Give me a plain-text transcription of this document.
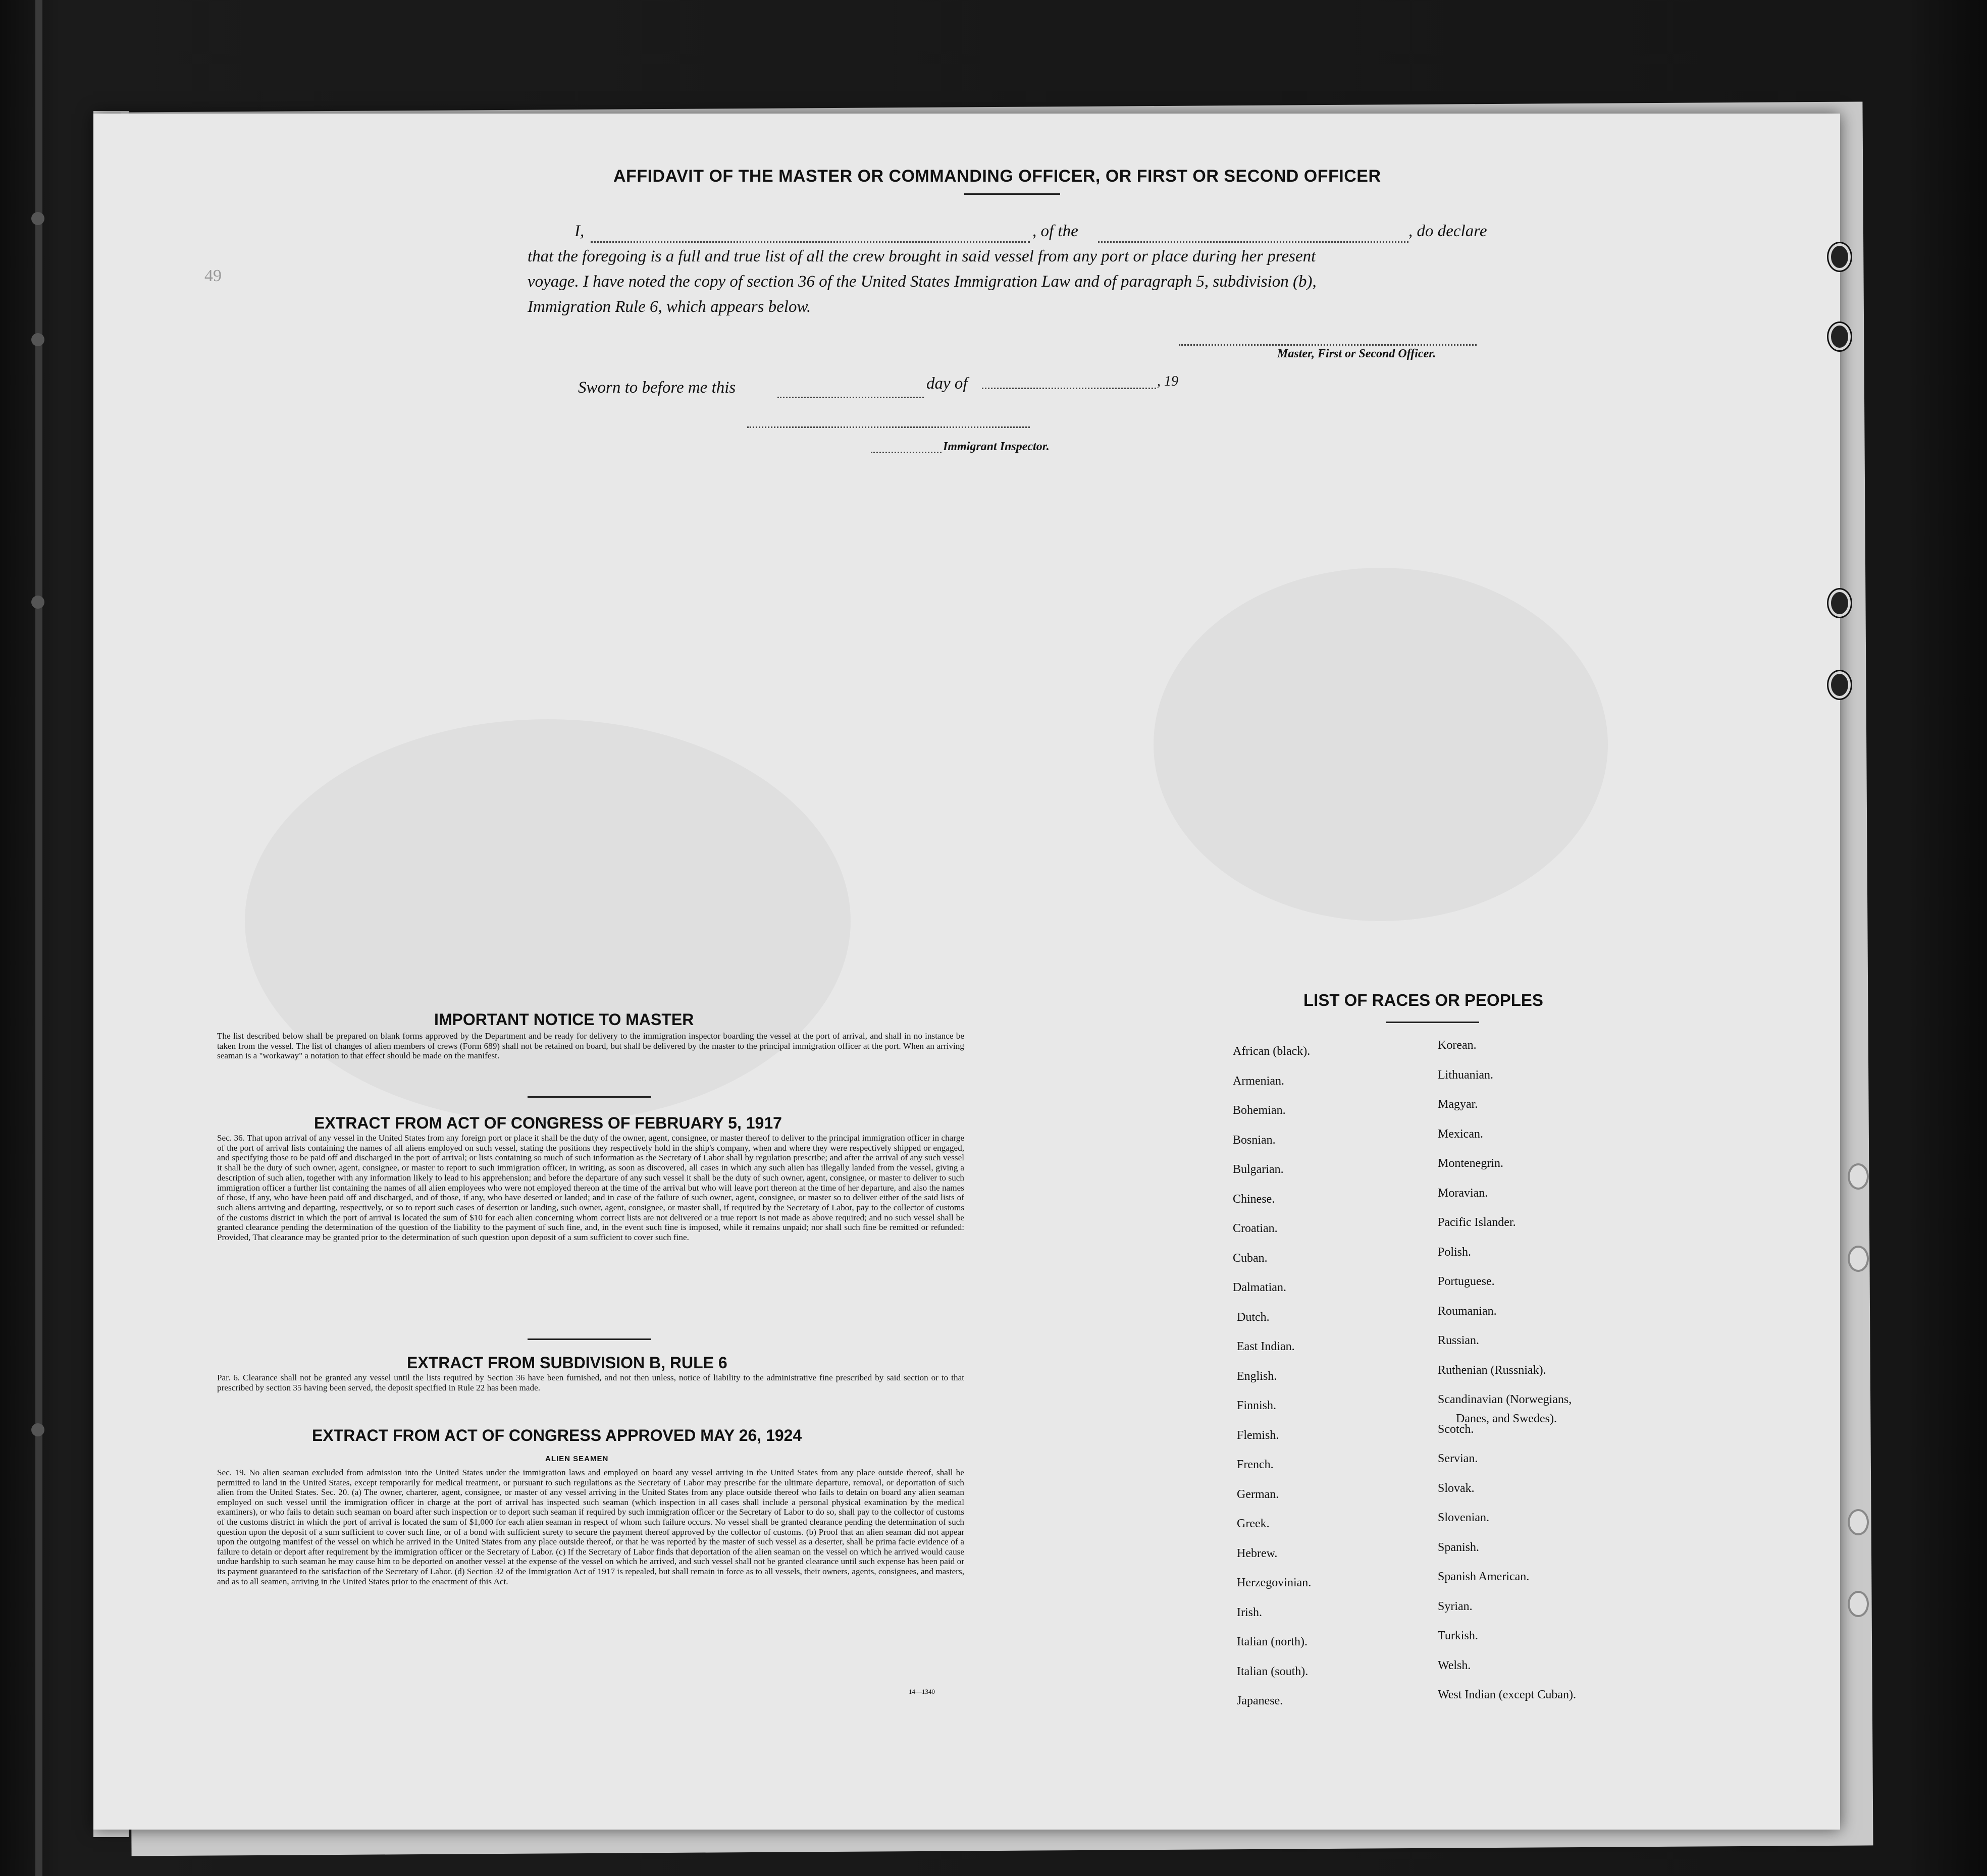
49
AFFIDAVIT OF THE MASTER OR COMMANDING OFFICER, OR FIRST OR SECOND OFFICER
I,	, of the	, do declare
that the foregoing is a full and true list of all the crew brought in said vessel from any port or place during her present
voyage. I have noted the copy of section 36 of the United States Immigration Law and of paragraph 5, subdivision (b),
Immigration Rule 6, which appears below.
Master, First or Second Officer.
Sworn to before me this	day of	, 19
Immigrant Inspector.
IMPORTANT NOTICE TO MASTER
The list described below shall be prepared on blank forms approved by the Department and be ready for delivery to the immigration inspector boarding the vessel at the port of arrival, and shall in no instance be taken from the vessel. The list of changes of alien members of crews (Form 689) shall not be retained on board, but shall be delivered by the master to the principal immigration officer at the port. When an arriving seaman is a "workaway" a notation to that effect should be made on the manifest.
EXTRACT FROM ACT OF CONGRESS OF FEBRUARY 5, 1917
Sec. 36. That upon arrival of any vessel in the United States from any foreign port or place it shall be the duty of the owner, agent, consignee, or master thereof to deliver to the principal immigration officer in charge of the port of arrival lists containing the names of all aliens employed on such vessel, stating the positions they respectively hold in the ship's company, when and where they were respectively shipped or engaged, and specifying those to be paid off and discharged in the port of arrival; or lists containing so much of such information as the Secretary of Labor shall by regulation prescribe; and after the arrival of any such vessel it shall be the duty of such owner, agent, consignee, or master to report to such immigration officer, in writing, as soon as discovered, all cases in which any such alien has illegally landed from the vessel, giving a description of such alien, together with any information likely to lead to his apprehension; and before the departure of any such vessel it shall be the duty of such owner, agent, consignee, or master to deliver to such immigration officer a further list containing the names of all alien employees who were not employed thereon at the time of the arrival but who will leave port thereon at the time of her departure, and also the names of those, if any, who have been paid off and discharged, and of those, if any, who have deserted or landed; and in case of the failure of such owner, agent, consignee, or master so to deliver either of the said lists of such aliens arriving and departing, respectively, or so to report such cases of desertion or landing, such owner, agent, consignee, or master shall, if required by the Secretary of Labor, pay to the collector of customs of the customs district in which the port of arrival is located the sum of $10 for each alien concerning whom correct lists are not delivered or a true report is not made as above required; and no such vessel shall be granted clearance pending the determination of the question of the liability to the payment of such fine, and, in the event such fine is imposed, while it remains unpaid; nor shall such fine be remitted or refunded: Provided, That clearance may be granted prior to the determination of such question upon deposit of a sum sufficient to cover such fine.
EXTRACT FROM SUBDIVISION B, RULE 6
Par. 6. Clearance shall not be granted any vessel until the lists required by Section 36 have been furnished, and not then unless, notice of liability to the administrative fine prescribed by said section or to that prescribed by section 35 having been served, the deposit specified in Rule 22 has been made.
EXTRACT FROM ACT OF CONGRESS APPROVED MAY 26, 1924
ALIEN SEAMEN
Sec. 19. No alien seaman excluded from admission into the United States under the immigration laws and employed on board any vessel arriving in the United States from any place outside thereof, shall be permitted to land in the United States, except temporarily for medical treatment, or pursuant to such regulations as the Secretary of Labor may prescribe for the ultimate departure, removal, or deportation of such alien from the United States. Sec. 20. (a) The owner, charterer, agent, consignee, or master of any vessel arriving in the United States from any place outside thereof who fails to detain on board any alien seaman employed on such vessel until the immigration officer in charge at the port of arrival has inspected such seaman (which inspection in all cases shall include a personal physical examination by the medical examiners), or who fails to detain such seaman on board after such inspection or to deport such seaman if required by such immigration officer or the Secretary of Labor to do so, shall pay to the collector of customs of the customs district in which the port of arrival is located the sum of $1,000 for each alien seaman in respect of whom such failure occurs. No vessel shall be granted clearance pending the determination of such question upon the deposit of a sum sufficient to cover such fine, or of a bond with sufficient surety to secure the payment thereof approved by the collector of customs. (b) Proof that an alien seaman did not appear upon the outgoing manifest of the vessel on which he arrived in the United States from any place outside thereof, or that he was reported by the master of such vessel as a deserter, shall be prima facie evidence of a failure to detain or deport after requirement by the immigration officer or the Secretary of Labor. (c) If the Secretary of Labor finds that deportation of the alien seaman on the vessel on which he arrived would cause undue hardship to such seaman he may cause him to be deported on another vessel at the expense of the vessel on which he arrived, and such vessel shall not be granted clearance until such expense has been paid or its payment guaranteed to the satisfaction of the Secretary of Labor. (d) Section 32 of the Immigration Act of 1917 is repealed, but shall remain in force as to all vessels, their owners, agents, consignees, and masters, and as to all seamen, arriving in the United States prior to the enactment of this Act.
14—1340
LIST OF RACES OR PEOPLES
African (black).
Armenian.
Bohemian.
Bosnian.
Bulgarian.
Chinese.
Croatian.
Cuban.
Dalmatian.
Dutch.
East Indian.
English.
Finnish.
Flemish.
French.
German.
Greek.
Hebrew.
Herzegovinian.
Irish.
Italian (north).
Italian (south).
Japanese.
Korean.
Lithuanian.
Magyar.
Mexican.
Montenegrin.
Moravian.
Pacific Islander.
Polish.
Portuguese.
Roumanian.
Russian.
Ruthenian (Russniak).
Scandinavian (Norwegians,
Danes, and Swedes).
Scotch.
Servian.
Slovak.
Slovenian.
Spanish.
Spanish American.
Syrian.
Turkish.
Welsh.
West Indian (except Cuban).
